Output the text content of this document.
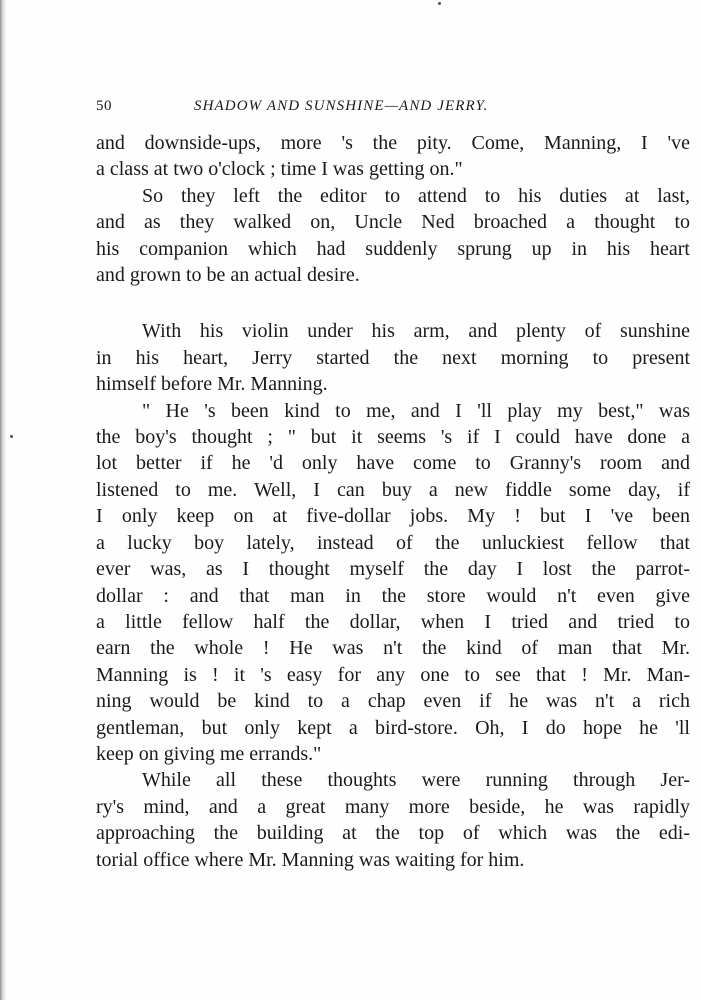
50	SHADOW AND SUNSHINE—AND JERRY.

and downside-ups, more 's the pity. Come, Manning, I 've
a class at two o'clock ; time I was getting on."

So they left the editor to attend to his duties at last,
and as they walked on, Uncle Ned broached a thought to
his companion which had suddenly sprung up in his heart
and grown to be an actual desire.

With his violin under his arm, and plenty of sunshine
in his heart, Jerry started the next morning to present
himself before Mr. Manning.

" He 's been kind to me, and I 'll play my best," was
the boy's thought ; " but it seems 's if I could have done a
lot better if he 'd only have come to Granny's room and
listened to me. Well, I can buy a new fiddle some day, if
I only keep on at five-dollar jobs. My ! but I 've been
a lucky boy lately, instead of the unluckiest fellow that
ever was, as I thought myself the day I lost the parrot-
dollar : and that man in the store would n't even give
a little fellow half the dollar, when I tried and tried to
earn the whole ! He was n't the kind of man that Mr.
Manning is ! it 's easy for any one to see that ! Mr. Man-
ning would be kind to a chap even if he was n't a rich
gentleman, but only kept a bird-store. Oh, I do hope he 'll
keep on giving me errands."

While all these thoughts were running through Jer-
ry's mind, and a great many more beside, he was rapidly
approaching the building at the top of which was the edi-
torial office where Mr. Manning was waiting for him.
